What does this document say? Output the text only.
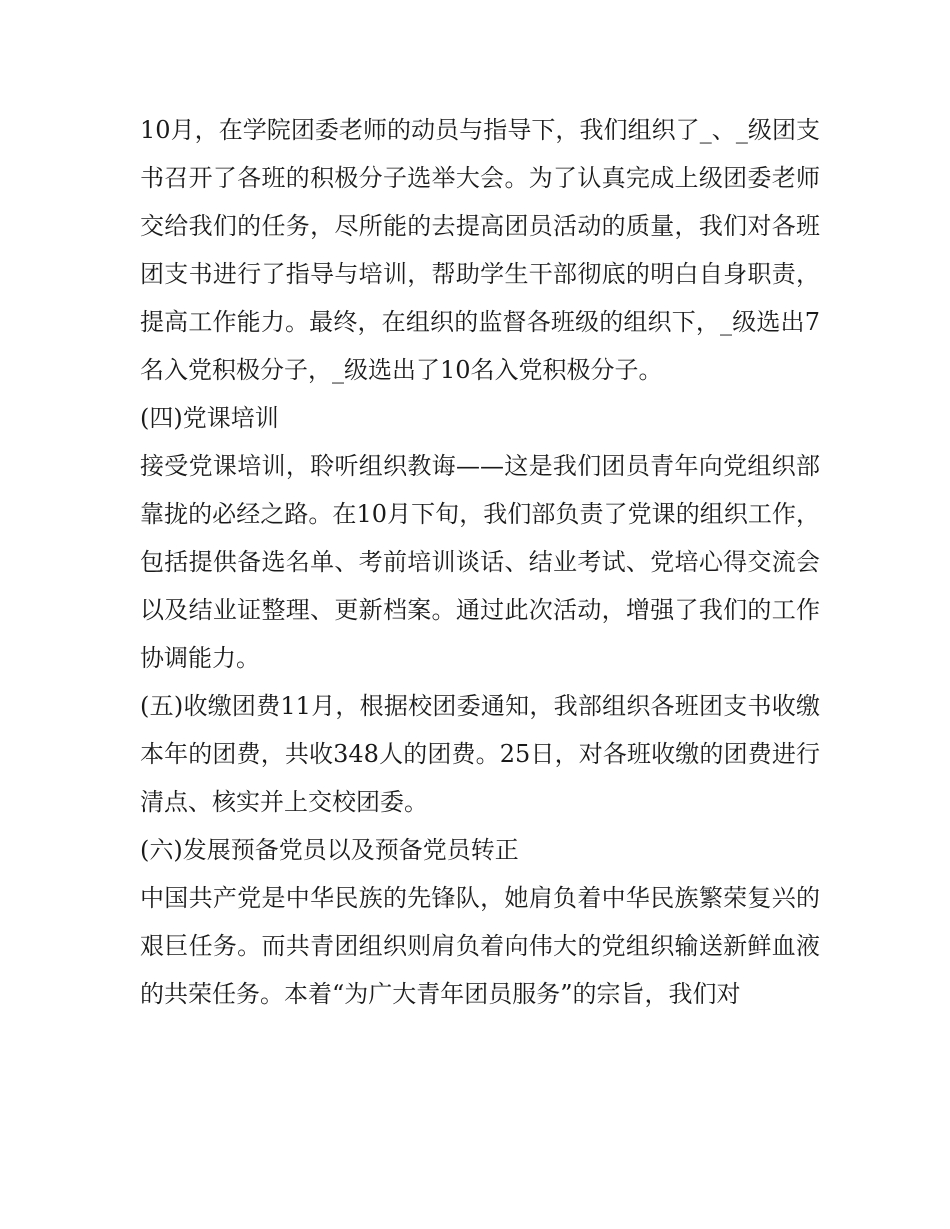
10月，在学院团委老师的动员与指导下，我们组织了_、_级团支书召开了各班的积极分子选举大会。为了认真完成上级团委老师交给我们的任务，尽所能的去提高团员活动的质量，我们对各班团支书进行了指导与培训，帮助学生干部彻底的明白自身职责，提高工作能力。最终，在组织的监督各班级的组织下，_级选出7名入党积极分子，_级选出了10名入党积极分子。

(四)党课培训

接受党课培训，聆听组织教诲——这是我们团员青年向党组织部靠拢的必经之路。在10月下旬，我们部负责了党课的组织工作，包括提供备选名单、考前培训谈话、结业考试、党培心得交流会以及结业证整理、更新档案。通过此次活动，增强了我们的工作协调能力。

(五)收缴团费11月，根据校团委通知，我部组织各班团支书收缴本年的团费，共收348人的团费。25日，对各班收缴的团费进行清点、核实并上交校团委。

(六)发展预备党员以及预备党员转正

中国共产党是中华民族的先锋队，她肩负着中华民族繁荣复兴的艰巨任务。而共青团组织则肩负着向伟大的党组织输送新鲜血液的共荣任务。本着“为广大青年团员服务”的宗旨，我们对
